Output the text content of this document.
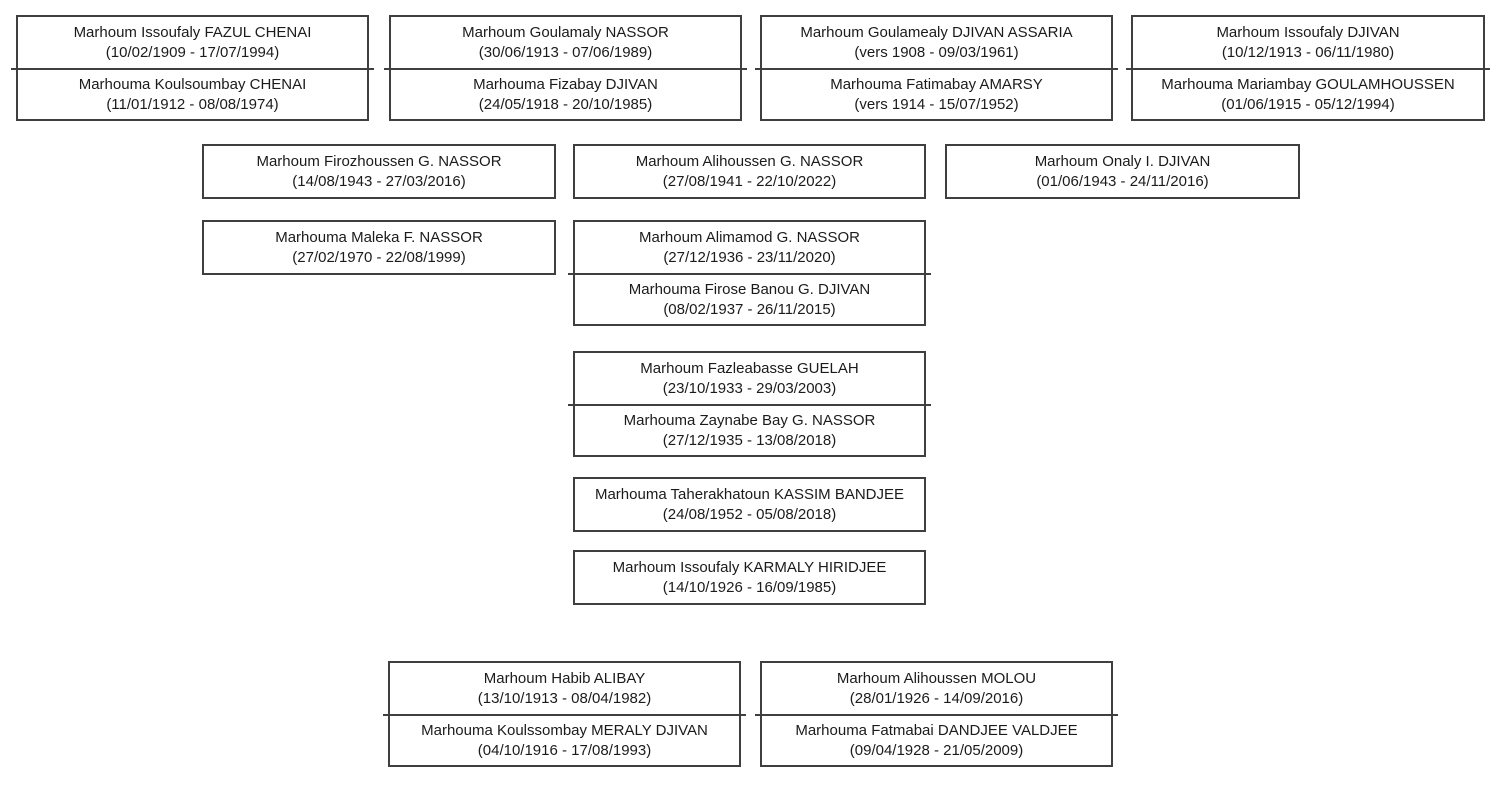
Marhoum Issoufaly FAZUL CHENAI
(10/02/1909 - 17/07/1994)
Marhouma Koulsoumbay CHENAI
(11/01/1912 - 08/08/1974)
Marhoum Goulamaly NASSOR
(30/06/1913 - 07/06/1989)
Marhouma Fizabay DJIVAN
(24/05/1918 - 20/10/1985)
Marhoum Goulamealy DJIVAN ASSARIA
(vers 1908 - 09/03/1961)
Marhouma Fatimabay AMARSY
(vers 1914 - 15/07/1952)
Marhoum Issoufaly DJIVAN
(10/12/1913 - 06/11/1980)
Marhouma Mariambay GOULAMHOUSSEN
(01/06/1915 - 05/12/1994)
Marhoum Firozhoussen G. NASSOR
(14/08/1943 - 27/03/2016)
Marhoum Alihoussen G. NASSOR
(27/08/1941 - 22/10/2022)
Marhoum Onaly I. DJIVAN
(01/06/1943 - 24/11/2016)
Marhouma Maleka F. NASSOR
(27/02/1970 - 22/08/1999)
Marhoum Alimamod G. NASSOR
(27/12/1936 - 23/11/2020)
Marhouma Firose Banou G. DJIVAN
(08/02/1937 - 26/11/2015)
Marhoum Fazleabasse GUELAH
(23/10/1933 - 29/03/2003)
Marhouma Zaynabe Bay G. NASSOR
(27/12/1935 - 13/08/2018)
Marhouma Taherakhatoun KASSIM BANDJEE
(24/08/1952 - 05/08/2018)
Marhoum Issoufaly KARMALY HIRIDJEE
(14/10/1926 - 16/09/1985)
Marhoum Habib ALIBAY
(13/10/1913 - 08/04/1982)
Marhouma Koulssombay MERALY DJIVAN
(04/10/1916 - 17/08/1993)
Marhoum Alihoussen MOLOU
(28/01/1926 - 14/09/2016)
Marhouma Fatmabai DANDJEE VALDJEE
(09/04/1928 - 21/05/2009)
